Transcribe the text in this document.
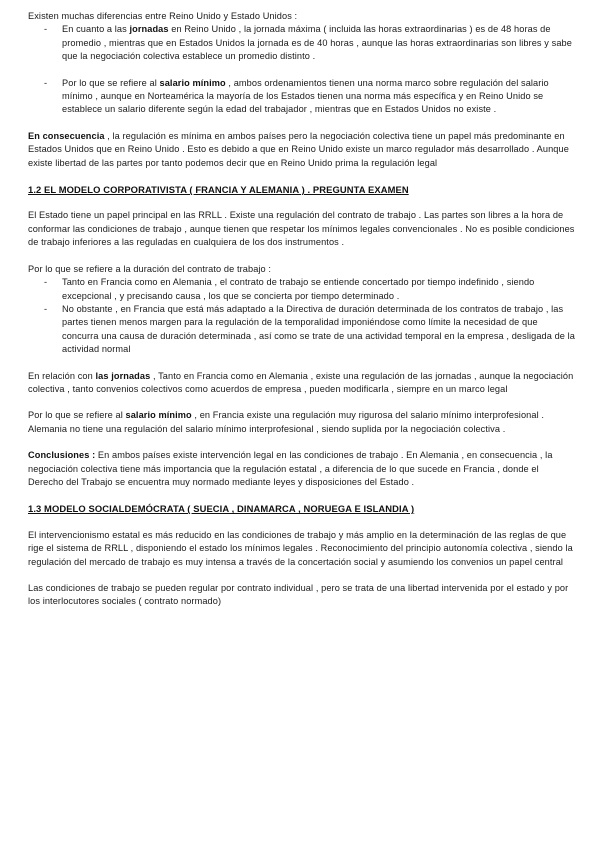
Existen muchas diferencias entre Reino Unido y Estado Unidos :

- En cuanto a las jornadas en Reino Unido , la jornada máxima ( incluida las horas extraordinarias ) es de 48 horas de promedio , mientras que en Estados Unidos la jornada es de 40 horas , aunque las horas extraordinarias son libres y sabe que la negociación colectiva establece un promedio distinto .
- Por lo que se refiere al salario mínimo , ambos ordenamientos tienen una norma marco sobre regulación del salario mínimo , aunque en Norteamérica la mayoría de los Estados tienen una norma más específica y en Reino Unido se establece un salario diferente según la edad del trabajador , mientras que en Estados Unidos no existe .

En consecuencia , la regulación es mínima en ambos países pero la negociación colectiva tiene un papel más predominante en Estados Unidos que en Reino Unido . Esto es debido a que en Reino Unido existe un marco regulador más desarrollado . Aunque existe libertad de las partes por tanto podemos decir que en Reino Unido prima la regulación legal

1.2 EL MODELO CORPORATIVISTA ( FRANCIA Y ALEMANIA ) . PREGUNTA EXAMEN

El Estado tiene un papel principal en las RRLL . Existe una regulación del contrato de trabajo . Las partes son libres a la hora de conformar las condiciones de trabajo , aunque tienen que respetar los mínimos legales convencionales . No es posible condiciones de trabajo inferiores a las reguladas en cualquiera de los dos instrumentos .

Por lo que se refiere a la duración del contrato de trabajo :

- Tanto en Francia como en Alemania , el contrato de trabajo se entiende concertado por tiempo indefinido , siendo excepcional , y precisando causa , los que se concierta por tiempo determinado .
- No obstante , en Francia que está más adaptado a la Directiva de duración determinada de los contratos de trabajo , las partes tienen menos margen para la regulación de la temporalidad imponiéndose como límite la necesidad de que concurra una causa de duración determinada , así como se trate de una actividad temporal en la empresa , desligada de la actividad normal

En relación con las jornadas , Tanto en Francia como en Alemania , existe una regulación de las jornadas , aunque la negociación colectiva , tanto convenios colectivos como acuerdos de empresa , pueden modificarla , siempre en un marco legal

Por lo que se refiere al salario mínimo , en Francia existe una regulación muy rigurosa del salario mínimo interprofesional . Alemania no tiene una regulación del salario mínimo interprofesional , siendo suplida por la negociación colectiva .

Conclusiones : En ambos países existe intervención legal en las condiciones de trabajo . En Alemania , en consecuencia , la negociación colectiva tiene más importancia que la regulación estatal , a diferencia de lo que sucede en Francia , donde el Derecho del Trabajo se encuentra muy normado mediante leyes y disposiciones del Estado .

1.3 MODELO SOCIALDEMÓCRATA ( SUECIA , DINAMARCA , NORUEGA E ISLANDIA )

El intervencionismo estatal es más reducido en las condiciones de trabajo y más amplio en la determinación de las reglas de que rige el sistema de RRLL , disponiendo el estado los mínimos legales . Reconocimiento del principio autonomía colectiva , siendo la regulación del mercado de trabajo es muy intensa a través de la concertación social y asumiendo los convenios un papel central

Las condiciones de trabajo se pueden regular por contrato individual , pero se trata de una libertad intervenida por el estado y por los interlocutores sociales ( contrato normado)
